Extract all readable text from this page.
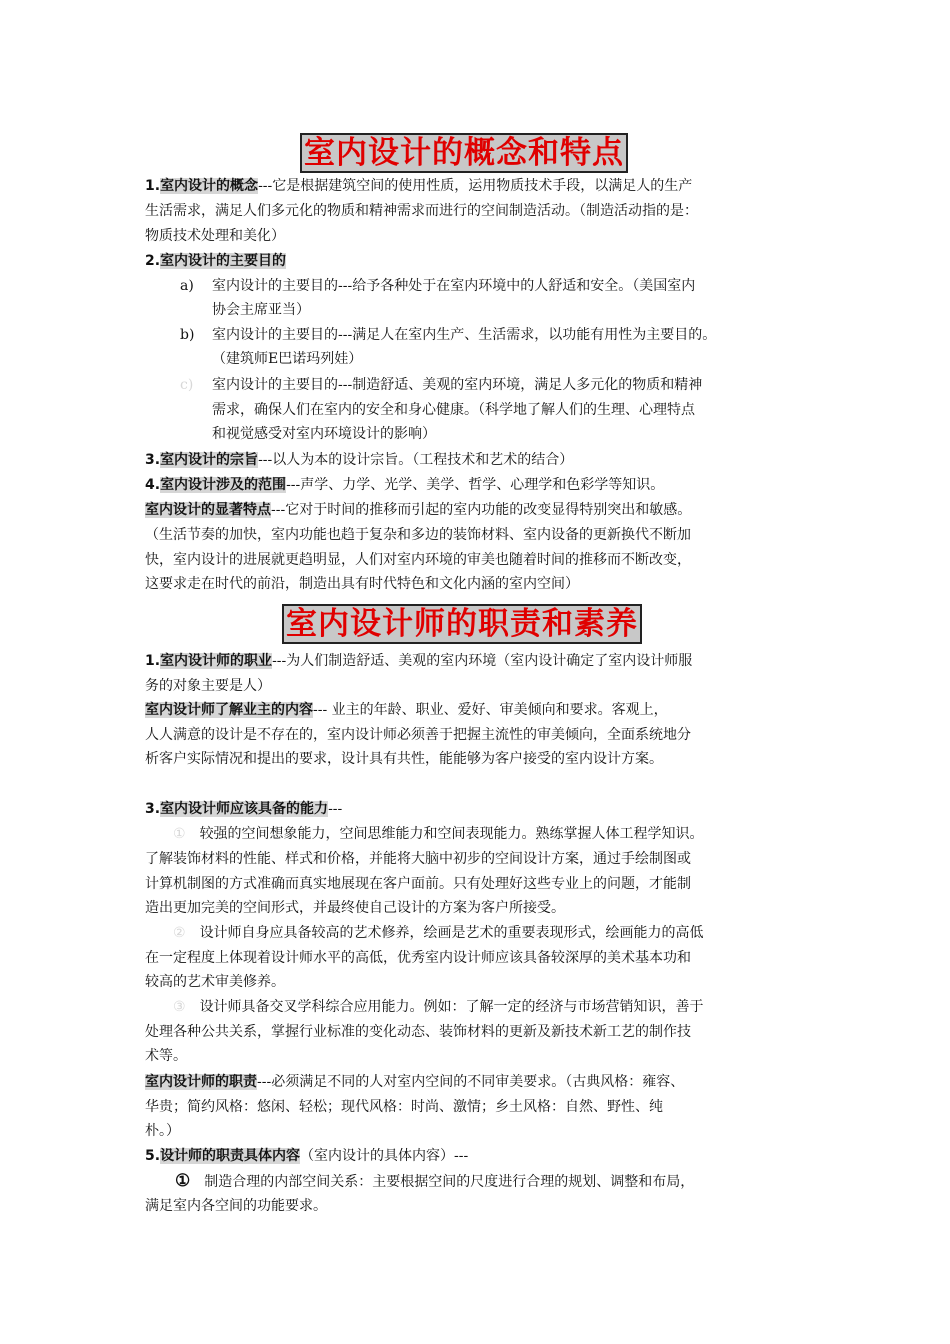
室内设计的概念和特点
1.室内设计的概念---它是根据建筑空间的使用性质，运用物质技术手段，以满足人的生产
生活需求，满足人们多元化的物质和精神需求而进行的空间制造活动。（制造活动指的是：
物质技术处理和美化）
2.室内设计的主要目的
a) 室内设计的主要目的---给予各种处于在室内环境中的人舒适和安全。（美国室内
协会主席亚当）
b) 室内设计的主要目的---满足人在室内生产、生活需求，以功能有用性为主要目的。
（建筑师E巴诺玛列娃）
c) 室内设计的主要目的---制造舒适、美观的室内环境，满足人多元化的物质和精神
需求，确保人们在室内的安全和身心健康。（科学地了解人们的生理、心理特点
和视觉感受对室内环境设计的影响）
3.室内设计的宗旨---以人为本的设计宗旨。（工程技术和艺术的结合）
4.室内设计涉及的范围---声学、力学、光学、美学、哲学、心理学和色彩学等知识。
室内设计的显著特点---它对于时间的推移而引起的室内功能的改变显得特别突出和敏感。
（生活节奏的加快，室内功能也趋于复杂和多边的装饰材料、室内设备的更新换代不断加
快，室内设计的进展就更趋明显，人们对室内环境的审美也随着时间的推移而不断改变，
这要求走在时代的前沿，制造出具有时代特色和文化内涵的室内空间）
室内设计师的职责和素养
1.室内设计师的职业---为人们制造舒适、美观的室内环境（室内设计确定了室内设计师服
务的对象主要是人）
室内设计师了解业主的内容--- 业主的年龄、职业、爱好、审美倾向和要求。客观上，
人人满意的设计是不存在的，室内设计师必须善于把握主流性的审美倾向，全面系统地分
析客户实际情况和提出的要求，设计具有共性，能能够为客户接受的室内设计方案。
3.室内设计师应该具备的能力---
① 较强的空间想象能力，空间思维能力和空间表现能力。熟练掌握人体工程学知识。
了解装饰材料的性能、样式和价格，并能将大脑中初步的空间设计方案，通过手绘制图或
计算机制图的方式准确而真实地展现在客户面前。只有处理好这些专业上的问题，才能制
造出更加完美的空间形式，并最终使自己设计的方案为客户所接受。
② 设计师自身应具备较高的艺术修养，绘画是艺术的重要表现形式，绘画能力的高低
在一定程度上体现着设计师水平的高低，优秀室内设计师应该具备较深厚的美术基本功和
较高的艺术审美修养。
③ 设计师具备交叉学科综合应用能力。例如：了解一定的经济与市场营销知识，善于
处理各种公共关系，掌握行业标准的变化动态、装饰材料的更新及新技术新工艺的制作技
术等。
室内设计师的职责---必须满足不同的人对室内空间的不同审美要求。（古典风格：雍容、
华贵；简约风格：悠闲、轻松；现代风格：时尚、激情；乡土风格：自然、野性、纯
朴。）
5.设计师的职责具体内容（室内设计的具体内容）---
① 制造合理的内部空间关系：主要根据空间的尺度进行合理的规划、调整和布局，
满足室内各空间的功能要求。
